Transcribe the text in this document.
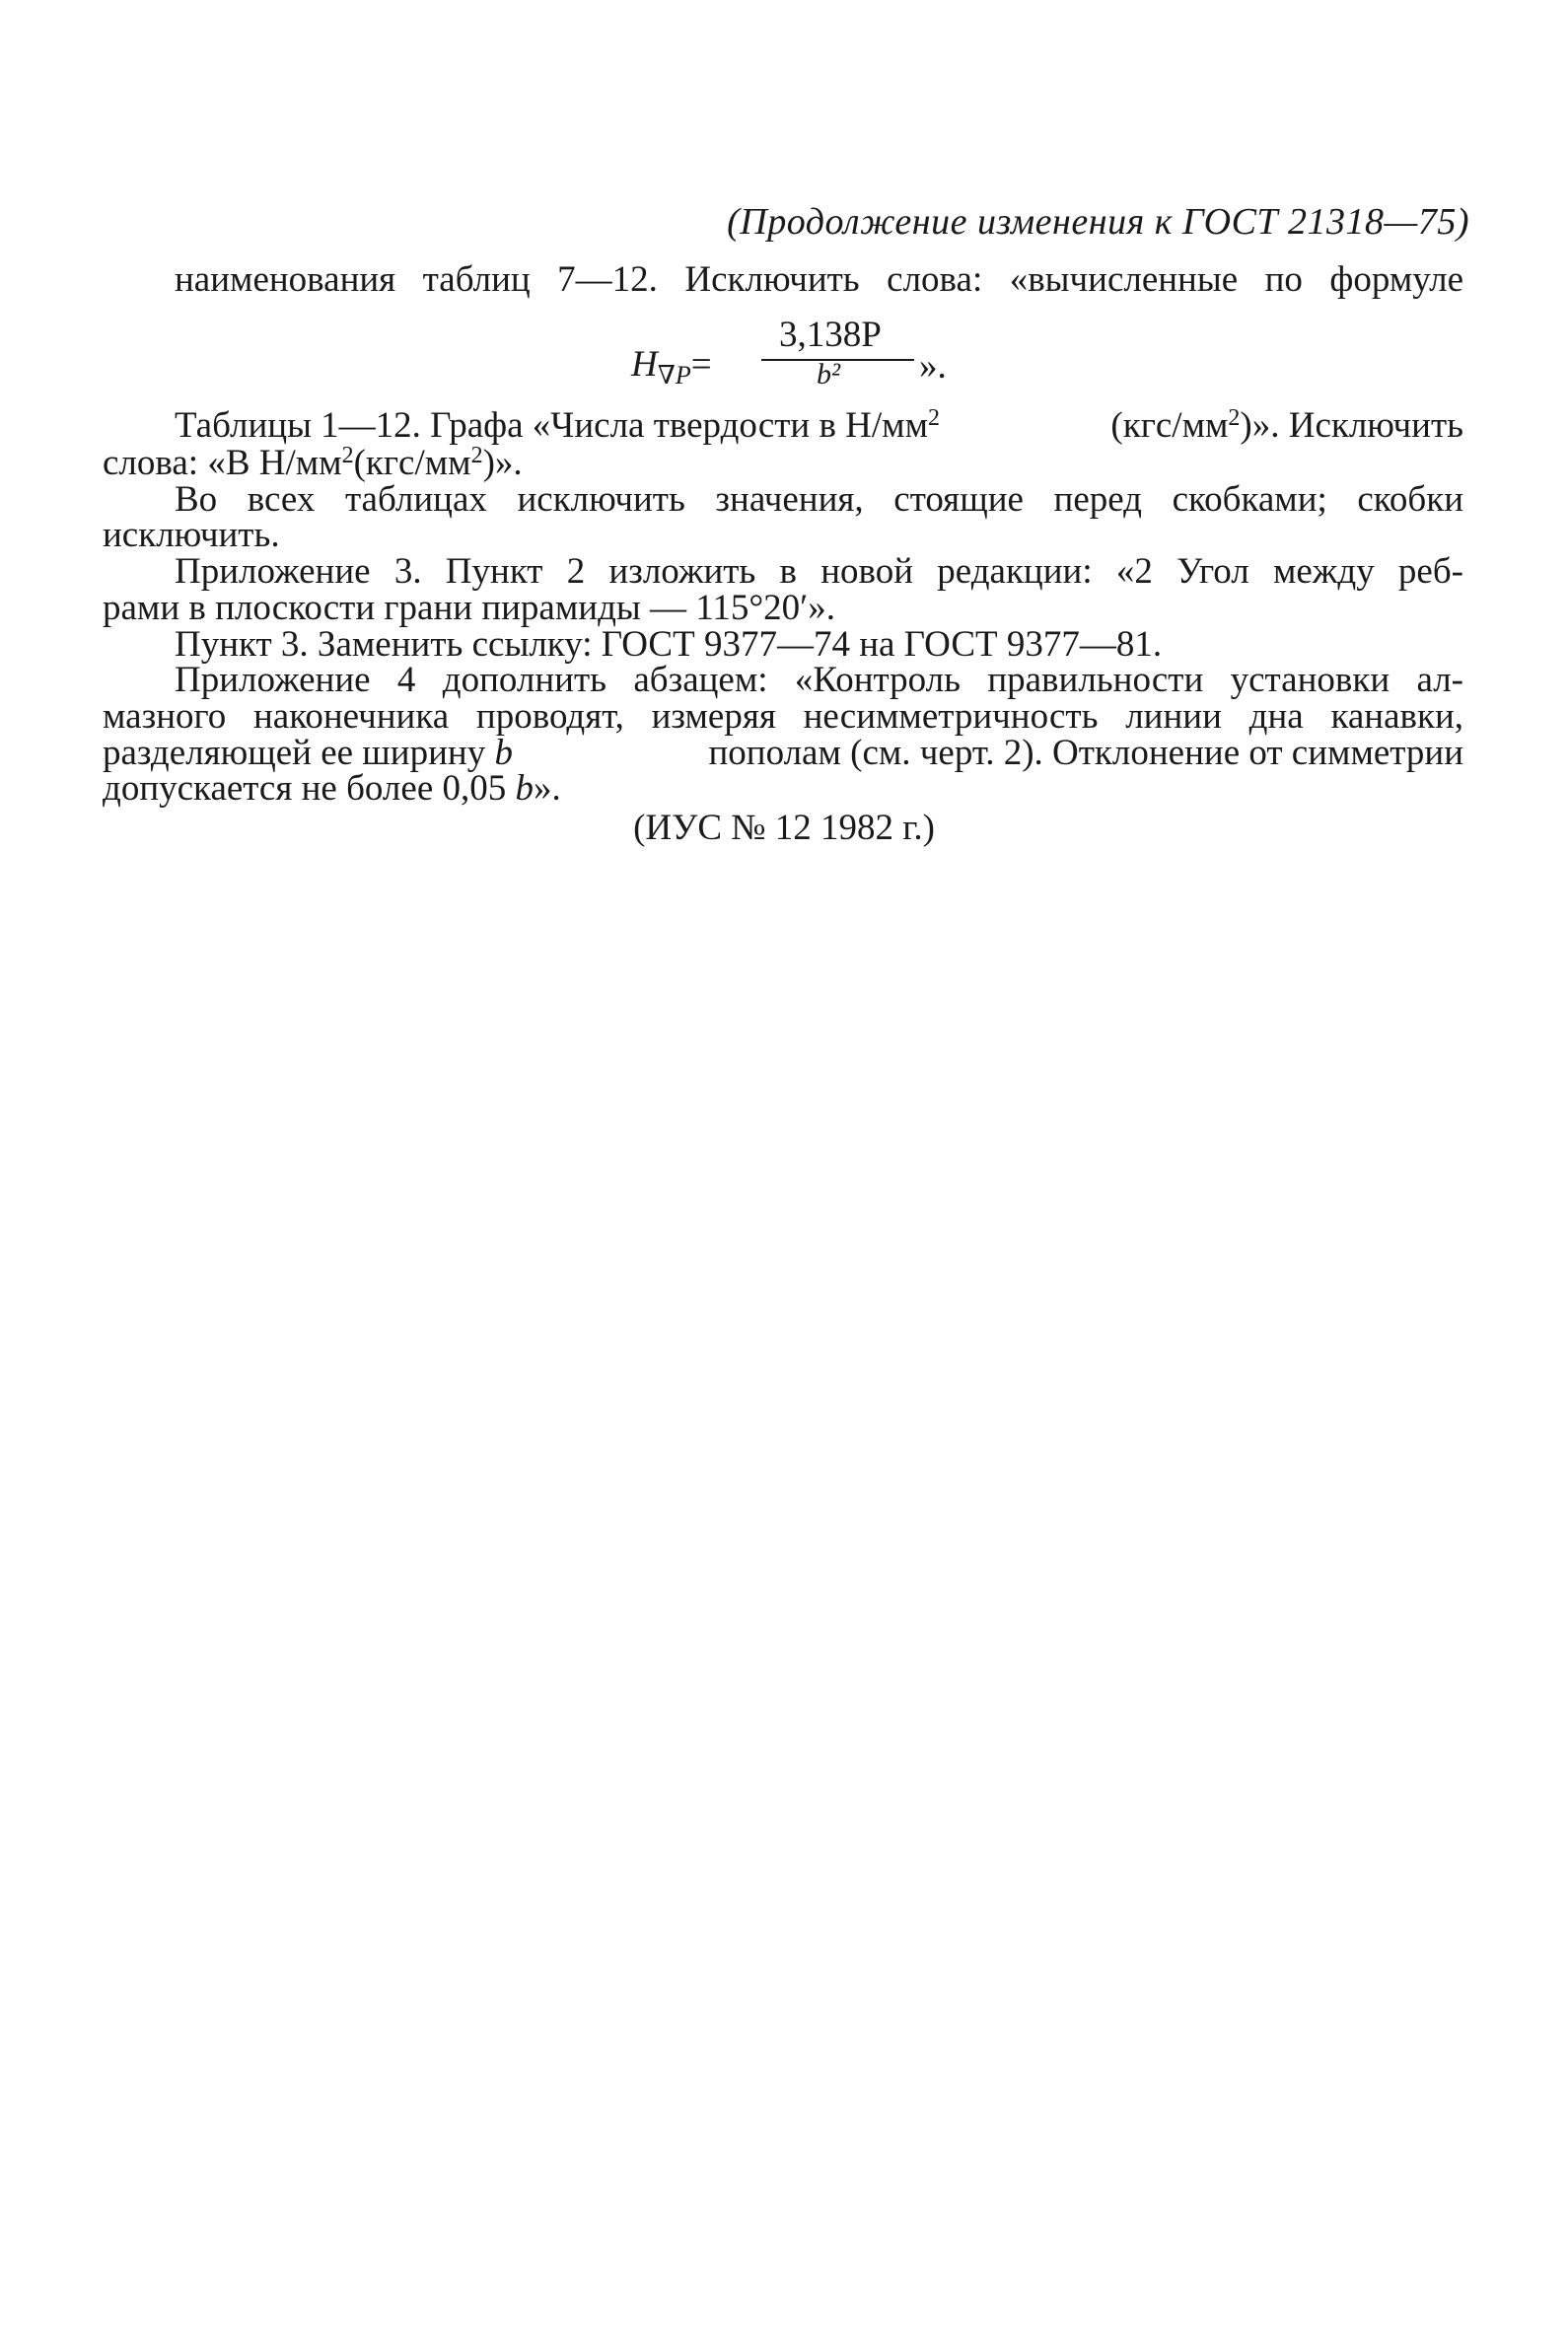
(Продолжение изменения к ГОСТ 21318—75)
наименования таблиц 7—12. Исключить слова: «вычисленные по формуле
$H_{\nabla P}=$
3,138P
b² ».
Таблицы 1—12. Графа «Числа твердости в $Н/мм^2$	$(кгс/мм^2)$». Исключить
слова: «В $Н/мм^2(кгс/мм^2)$».
Во всех таблицах исключить значения, стоящие перед скобками; скобки
исключить.
Приложение 3. Пункт 2 изложить в новой редакции: «2 Угол между реб-
рами в плоскости грани пирамиды — 115°20′».
Пункт 3. Заменить ссылку: ГОСТ 9377—74 на ГОСТ 9377—81.
Приложение 4 дополнить абзацем: «Контроль правильности установки ал-
мазного наконечника проводят, измеряя несимметричность линии дна канавки,
разделяющей ее ширину b	пополам (см. черт. 2). Отклонение от симметрии
допускается не более 0,05 b».
(ИУС № 12 1982 г.)
